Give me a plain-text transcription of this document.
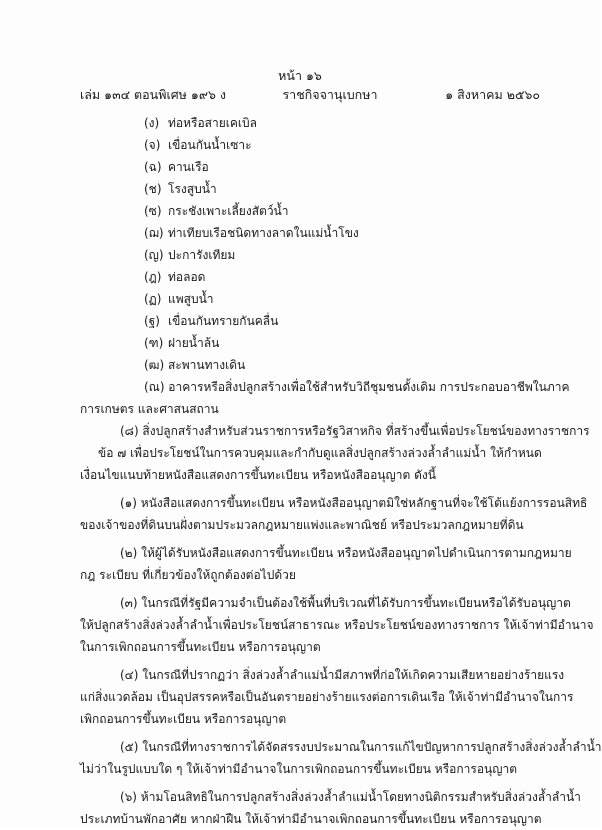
หน้า ๑๖
เล่ม ๑๓๔ ตอนพิเศษ ๑๙๖ ง	ราชกิจจานุเบกษา	๑ สิงหาคม ๒๕๖๐
(ง) ท่อหรือสายเคเบิล
(จ) เขื่อนกันน้ำเซาะ
(ฉ) คานเรือ
(ช) โรงสูบน้ำ
(ซ) กระชังเพาะเลี้ยงสัตว์น้ำ
(ฌ) ท่าเทียบเรือชนิดทางลาดในแม่น้ำโขง
(ญ) ปะการังเทียม
(ฎ) ท่อลอด
(ฏ) แพสูบน้ำ
(ฐ) เขื่อนกันทรายกันคลื่น
(ฑ) ฝายน้ำล้น
(ฒ) สะพานทางเดิน
(ณ) อาคารหรือสิ่งปลูกสร้างเพื่อใช้สำหรับวิถีชุมชนดั้งเดิม การประกอบอาชีพในภาค
การเกษตร และศาสนสถาน
(๘) สิ่งปลูกสร้างสำหรับส่วนราชการหรือรัฐวิสาหกิจ ที่สร้างขึ้นเพื่อประโยชน์ของทางราชการ
ข้อ ๗ เพื่อประโยชน์ในการควบคุมและกำกับดูแลสิ่งปลูกสร้างล่วงล้ำลำแม่น้ำ ให้กำหนด
เงื่อนไขแนบท้ายหนังสือแสดงการขึ้นทะเบียน หรือหนังสืออนุญาต ดังนี้
(๑) หนังสือแสดงการขึ้นทะเบียน หรือหนังสืออนุญาตมิใช่หลักฐานที่จะใช้โต้แย้งการรอนสิทธิ
ของเจ้าของที่ดินบนฝั่งตามประมวลกฎหมายแพ่งและพาณิชย์ หรือประมวลกฎหมายที่ดิน
(๒) ให้ผู้ได้รับหนังสือแสดงการขึ้นทะเบียน หรือหนังสืออนุญาตไปดำเนินการตามกฎหมาย
กฎ ระเบียบ ที่เกี่ยวข้องให้ถูกต้องต่อไปด้วย
(๓) ในกรณีที่รัฐมีความจำเป็นต้องใช้พื้นที่บริเวณที่ได้รับการขึ้นทะเบียนหรือได้รับอนุญาต
ให้ปลูกสร้างสิ่งล่วงล้ำลำน้ำเพื่อประโยชน์สาธารณะ หรือประโยชน์ของทางราชการ ให้เจ้าท่ามีอำนาจ
ในการเพิกถอนการขึ้นทะเบียน หรือการอนุญาต
(๔) ในกรณีที่ปรากฏว่า สิ่งล่วงล้ำลำแม่น้ำมีสภาพที่ก่อให้เกิดความเสียหายอย่างร้ายแรง
แก่สิ่งแวดล้อม เป็นอุปสรรคหรือเป็นอันตรายอย่างร้ายแรงต่อการเดินเรือ ให้เจ้าท่ามีอำนาจในการ
เพิกถอนการขึ้นทะเบียน หรือการอนุญาต
(๕) ในกรณีที่ทางราชการได้จัดสรรงบประมาณในการแก้ไขปัญหาการปลูกสร้างสิ่งล่วงล้ำลำน้ำ
ไม่ว่าในรูปแบบใด ๆ ให้เจ้าท่ามีอำนาจในการเพิกถอนการขึ้นทะเบียน หรือการอนุญาต
(๖) ห้ามโอนสิทธิในการปลูกสร้างสิ่งล่วงล้ำลำแม่น้ำโดยทางนิติกรรมสำหรับสิ่งล่วงล้ำลำน้ำ
ประเภทบ้านพักอาศัย หากฝ่าฝืน ให้เจ้าท่ามีอำนาจเพิกถอนการขึ้นทะเบียน หรือการอนุญาต
